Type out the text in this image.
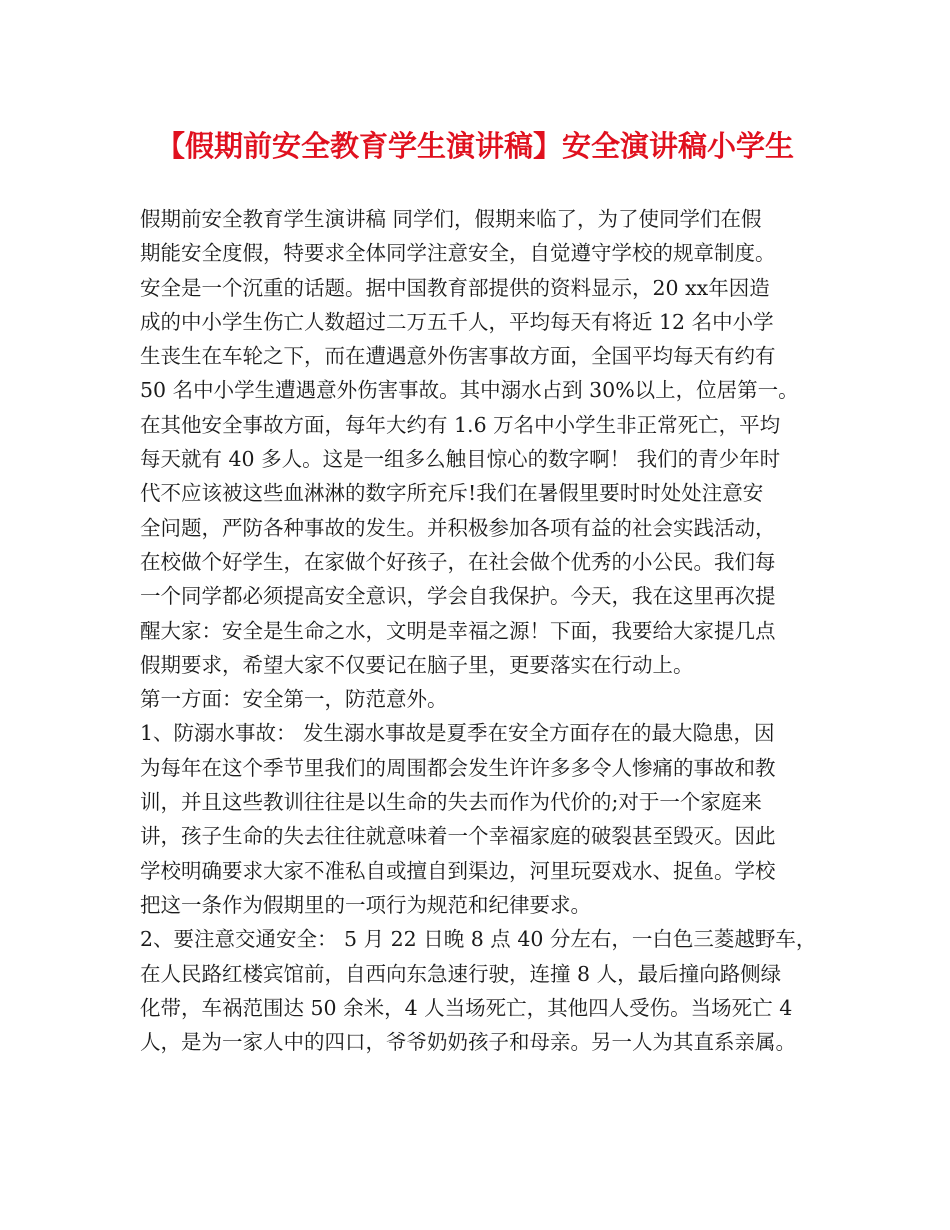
【假期前安全教育学生演讲稿】安全演讲稿小学生
假期前安全教育学生演讲稿 同学们，假期来临了，为了使同学们在假
期能安全度假，特要求全体同学注意安全，自觉遵守学校的规章制度。
安全是一个沉重的话题。据中国教育部提供的资料显示，20 xx年因造
成的中小学生伤亡人数超过二万五千人，平均每天有将近 12 名中小学
生丧生在车轮之下，而在遭遇意外伤害事故方面，全国平均每天有约有
50 名中小学生遭遇意外伤害事故。其中溺水占到 30%以上，位居第一。
在其他安全事故方面，每年大约有 1.6 万名中小学生非正常死亡，平均
每天就有 40 多人。这是一组多么触目惊心的数字啊！ 我们的青少年时
代不应该被这些血淋淋的数字所充斥!我们在暑假里要时时处处注意安
全问题，严防各种事故的发生。并积极参加各项有益的社会实践活动，
在校做个好学生，在家做个好孩子，在社会做个优秀的小公民。我们每
一个同学都必须提高安全意识，学会自我保护。今天，我在这里再次提
醒大家：安全是生命之水，文明是幸福之源！下面，我要给大家提几点
假期要求，希望大家不仅要记在脑子里，更要落实在行动上。
第一方面：安全第一，防范意外。
1、防溺水事故： 发生溺水事故是夏季在安全方面存在的最大隐患，因
为每年在这个季节里我们的周围都会发生许许多多令人惨痛的事故和教
训，并且这些教训往往是以生命的失去而作为代价的;对于一个家庭来
讲，孩子生命的失去往往就意味着一个幸福家庭的破裂甚至毁灭。因此
学校明确要求大家不准私自或擅自到渠边，河里玩耍戏水、捉鱼。学校
把这一条作为假期里的一项行为规范和纪律要求。
2、要注意交通安全： 5 月 22 日晚 8 点 40 分左右，一白色三菱越野车，
在人民路红楼宾馆前，自西向东急速行驶，连撞 8 人，最后撞向路侧绿
化带，车祸范围达 50 余米，4 人当场死亡，其他四人受伤。当场死亡 4
人，是为一家人中的四口，爷爷奶奶孩子和母亲。另一人为其直系亲属。
